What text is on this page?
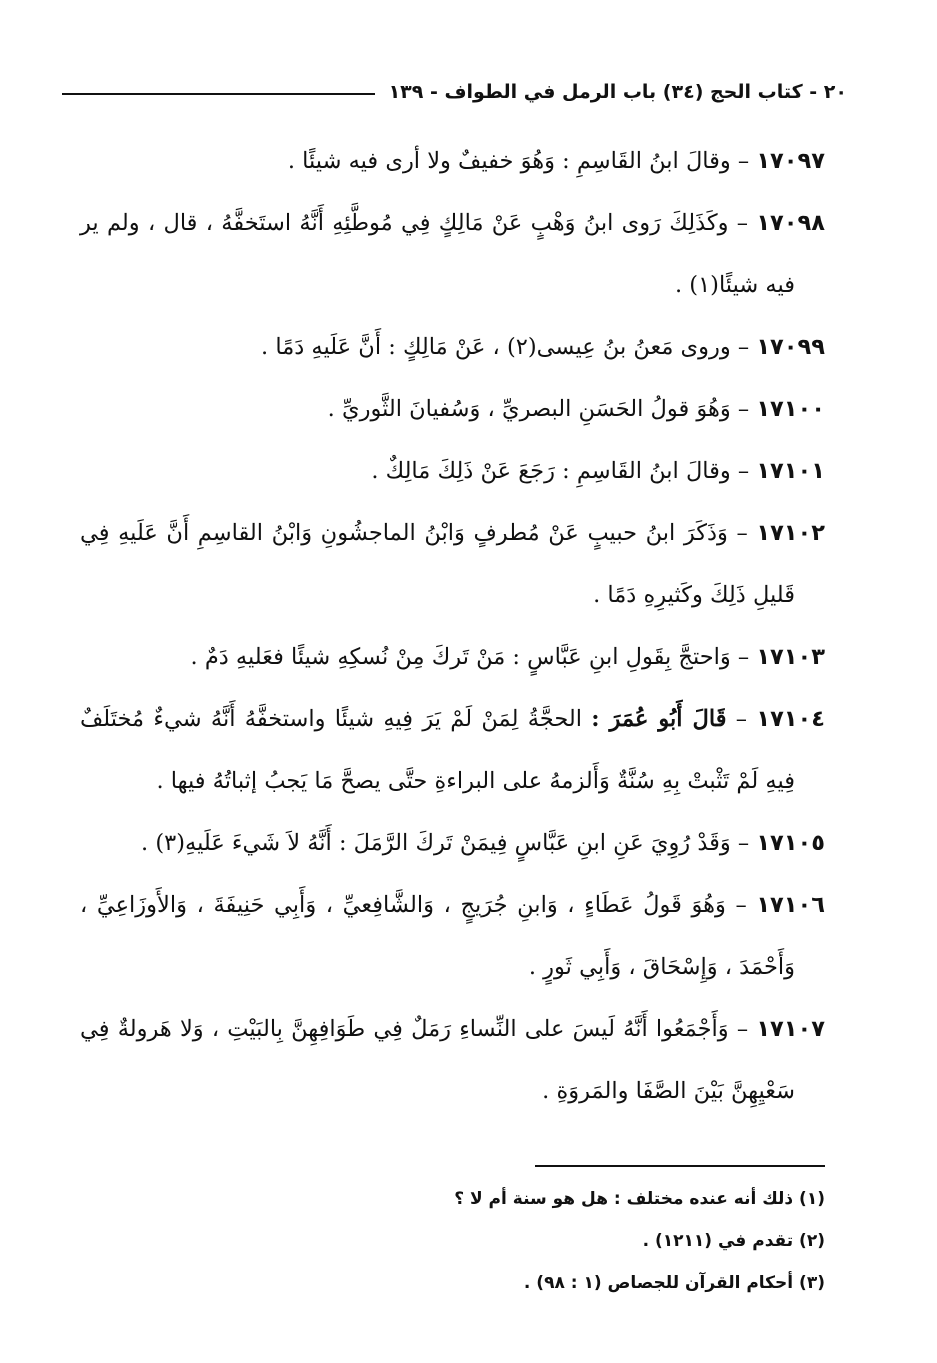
٢٠ - كتاب الحج (٣٤) باب الرمل في الطواف - ١٣٩

١٧٠٩٧ – وقالَ ابنُ القَاسِمِ : وَهُوَ خفيفٌ ولا أرى فيه شيئًا .

١٧٠٩٨ – وكَذَلِكَ رَوى ابنُ وَهْبٍ عَنْ مَالِكٍ فِي مُوطَّئِهِ أَنَّهُ استَخفَّهُ ، قال ، ولم ير فيه شيئًا(١) .

١٧٠٩٩ – وروى مَعنُ بنُ عِيسى(٢) ، عَنْ مَالِكٍ : أَنَّ عَلَيهِ دَمًا .

١٧١٠٠ – وَهُوَ قولُ الحَسَنِ البصريِّ ، وَسُفيانَ الثَّوريِّ .

١٧١٠١ – وقالَ ابنُ القَاسِمِ : رَجَعَ عَنْ ذَلِكَ مَالِكٌ .

١٧١٠٢ – وَذَكَرَ ابنُ حبيبٍ عَنْ مُطرفٍ وَابْنُ الماجشُونِ وَابْنُ القاسِمِ أَنَّ عَلَيهِ فِي قَليلِ ذَلِكَ وكَثيرِهِ دَمًا .

١٧١٠٣ – وَاحتجَّ بِقَولِ ابنِ عَبَّاسٍ : مَنْ تَركَ مِنْ نُسكِهِ شيئًا فعَليهِ دَمٌ .

١٧١٠٤ – قَالَ أَبُو عُمَرَ : الحجَّةُ لِمَنْ لَمْ يَرَ فِيهِ شيئًا واستخفَّهُ أَنَّهُ شيءٌ مُختَلَفٌ فِيهِ لَمْ تَثْبتْ بِهِ سُنَّةٌ وَأَلزمهُ على البراءةِ حتَّى يصحَّ مَا يَجبُ إثباتُهُ فيها .

١٧١٠٥ – وَقَدْ رُوِيَ عَنِ ابنِ عَبَّاسٍ فِيمَنْ تَركَ الرَّمَلَ : أَنَّهُ لاَ شَيءَ عَلَيهِ(٣) .

١٧١٠٦ – وَهُوَ قَولُ عَطَاءٍ ، وَابنِ جُرَيجٍ ، وَالشَّافِعيِّ ، وَأَبِي حَنِيفَةَ ، وَالأَوزَاعِيِّ ، وَأَحْمَدَ ، وَإِسْحَاقَ ، وَأَبِي ثَورٍ .

١٧١٠٧ – وَأَجْمَعُوا أَنَّهُ لَيسَ على النِّساءِ رَمَلٌ فِي طَوَافِهِنَّ بِالبَيْتِ ، وَلا هَرولةٌ فِي سَعْيِهِنَّ بَيْنَ الصَّفَا والمَروَةِ .

(١) ذلك أنه عنده مختلف : هل هو سنة أم لا ؟

(٢) تقدم في (١٢١١) .

(٣) أحكام القرآن للجصاص (١ : ٩٨) .
